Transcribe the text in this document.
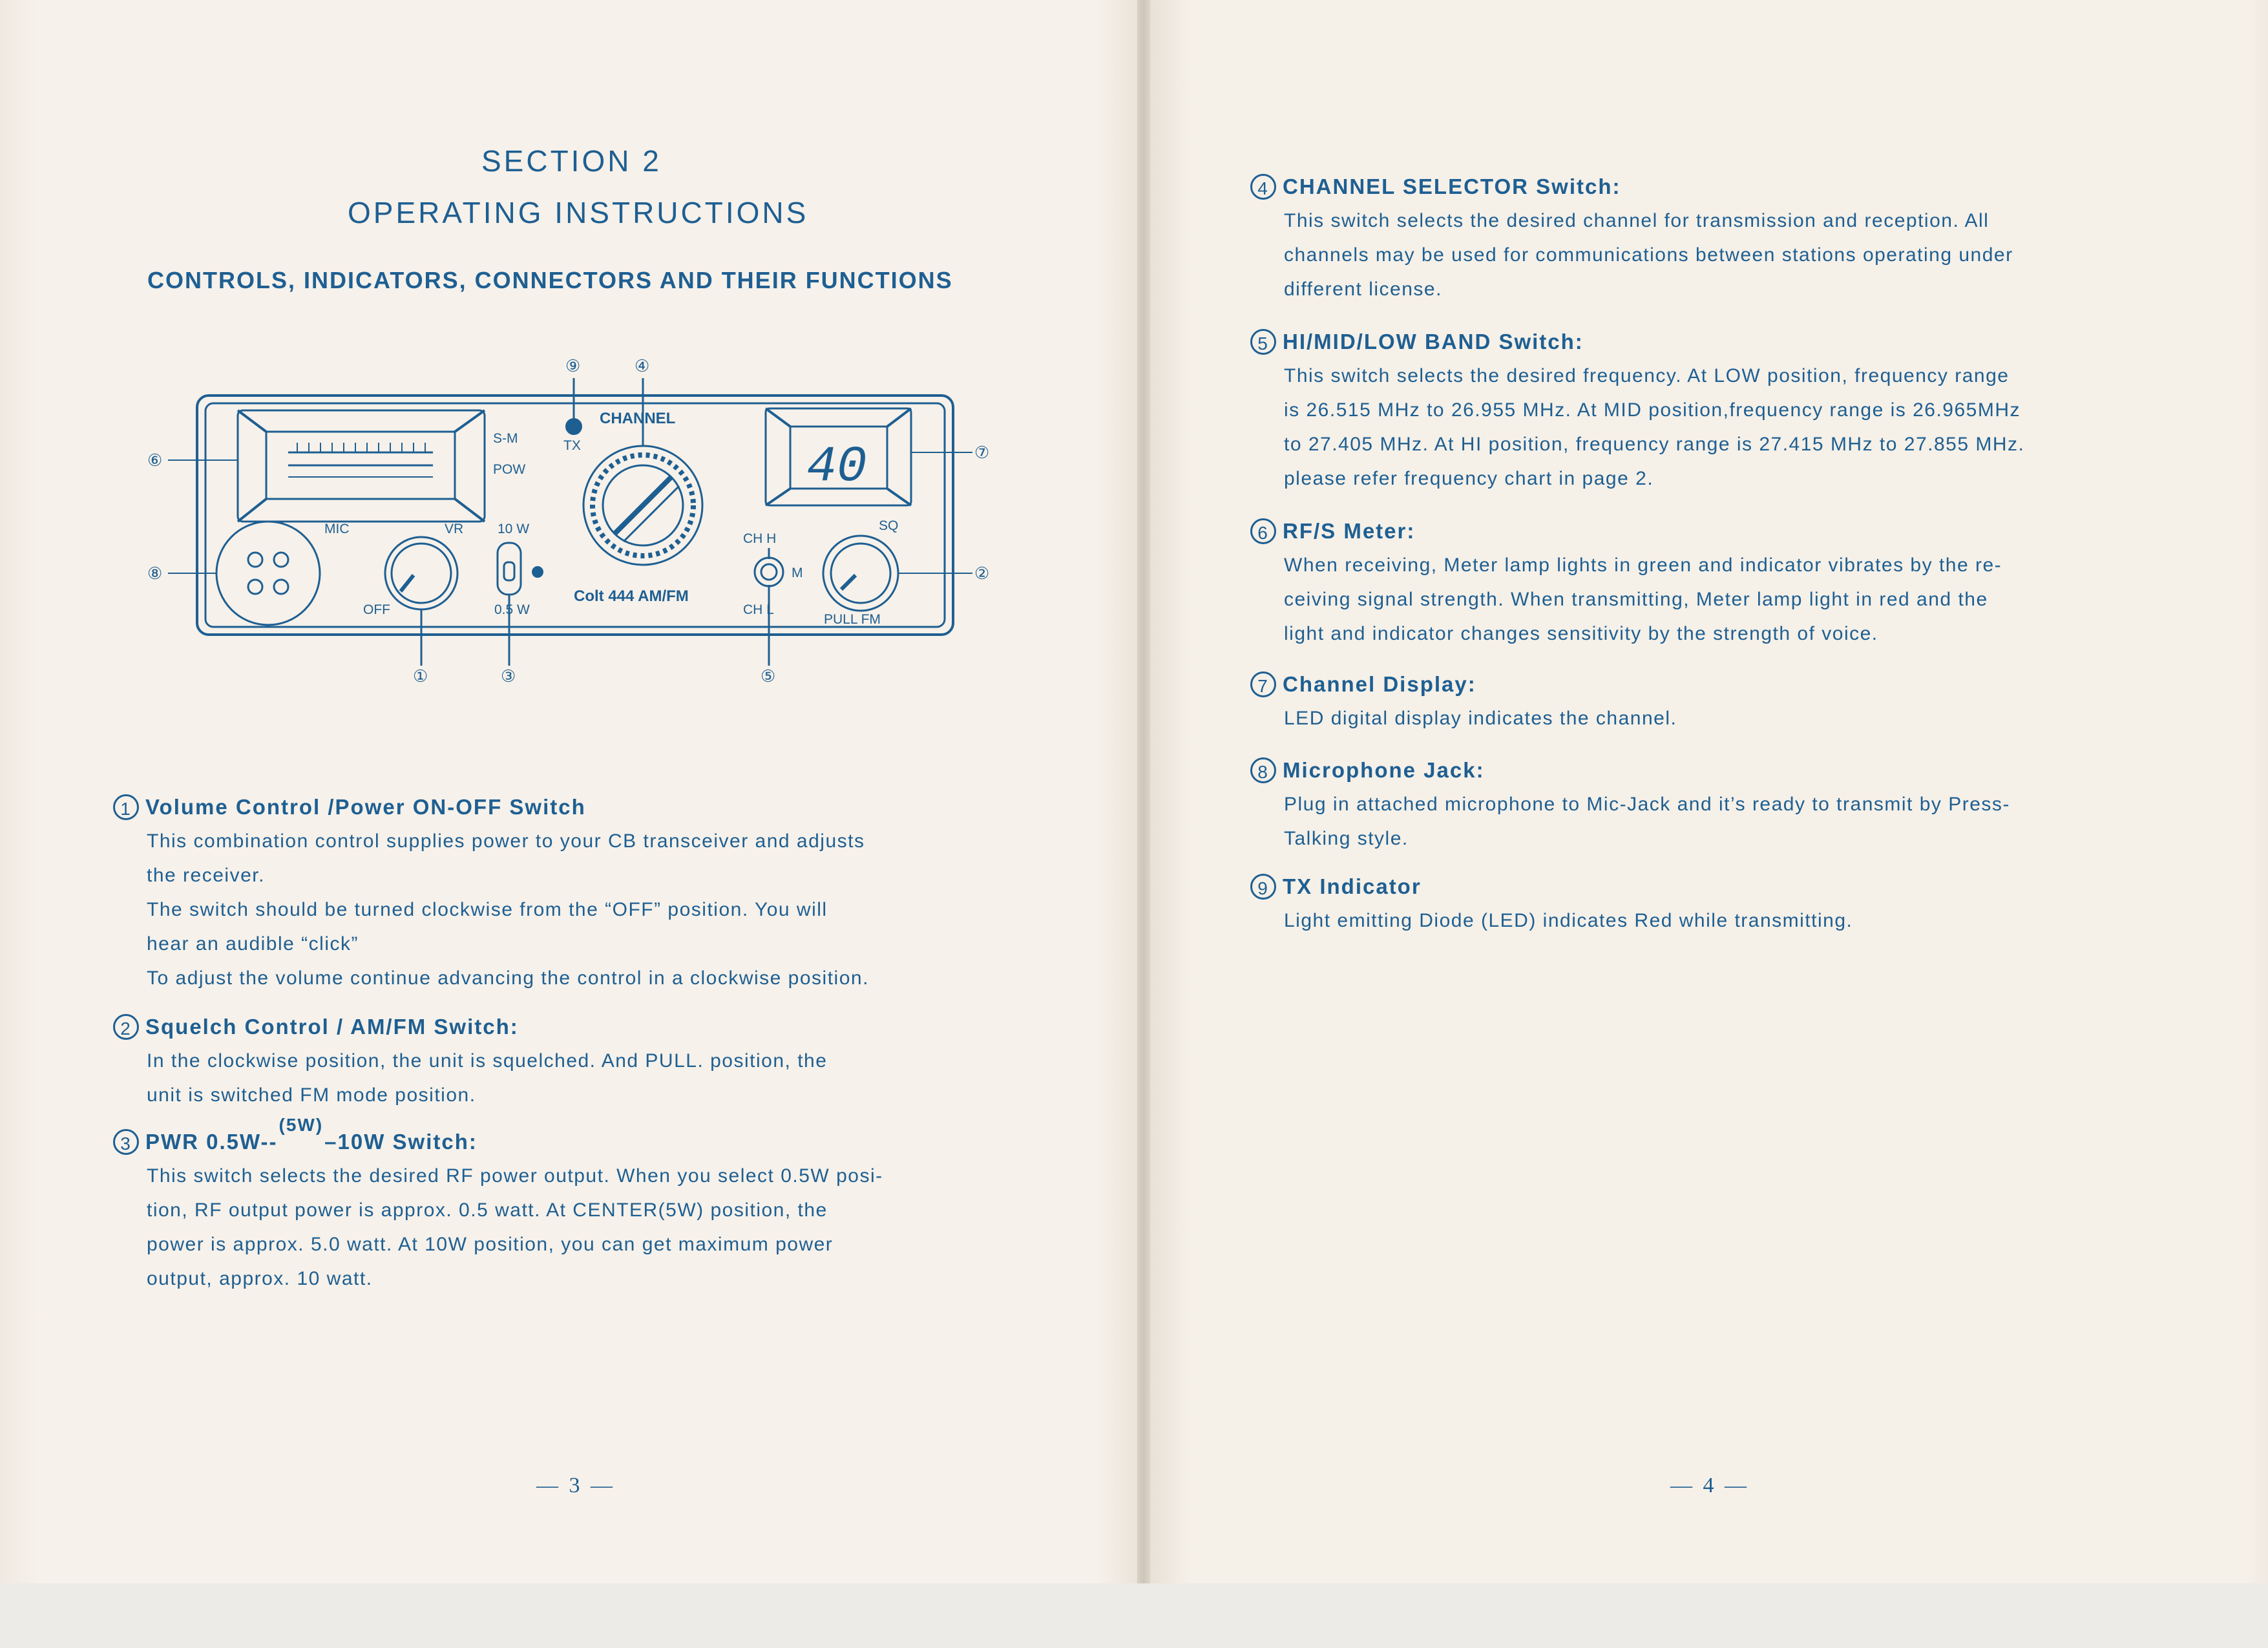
SECTION 2
OPERATING INSTRUCTIONS
CONTROLS, INDICATORS, CONNECTORS AND THEIR FUNCTIONS
S-M
POW
TX
CHANNEL
40
MIC	VR
OFF
10 W
0.5 W
Colt 444 AM/FM
CH H
CH L
M
SQ
PULL FM
⑨	④
⑥	⑦
⑧	②
①	③	⑤
1 Volume Control /Power ON-OFF Switch

This combination control supplies power to your CB transceiver and adjusts

the receiver.

The switch should be turned clockwise from the “OFF” position. You will

hear an audible “click”

To adjust the volume continue advancing the control in a clockwise position.

2 Squelch Control / AM/FM Switch:

In the clockwise position, the unit is squelched. And PULL. position, the

unit is switched FM mode position.

3 PWR 0.5W--
(5W)
–10W Switch:

This switch selects the desired RF power output. When you select 0.5W posi-

tion, RF output power is approx. 0.5 watt. At CENTER(5W) position, the

power is approx. 5.0 watt. At 10W position, you can get maximum power

output, approx. 10 watt.

— 3 —
4 CHANNEL SELECTOR Switch:

This switch selects the desired channel for transmission and reception. All

channels may be used for communications between stations operating under

different license.

5 HI/MID/LOW BAND Switch:

This switch selects the desired frequency. At LOW position, frequency range

is 26.515 MHz to 26.955 MHz. At MID position,frequency range is 26.965MHz

to 27.405 MHz. At HI position, frequency range is 27.415 MHz to 27.855 MHz.

please refer frequency chart in page 2.

6 RF/S Meter:

When receiving, Meter lamp lights in green and indicator vibrates by the re-

ceiving signal strength. When transmitting, Meter lamp light in red and the

light and indicator changes sensitivity by the strength of voice.

7 Channel Display:

LED digital display indicates the channel.

8 Microphone Jack:

Plug in attached microphone to Mic-Jack and it’s ready to transmit by Press-

Talking style.

9 TX Indicator

Light emitting Diode (LED) indicates Red while transmitting.

— 4 —
